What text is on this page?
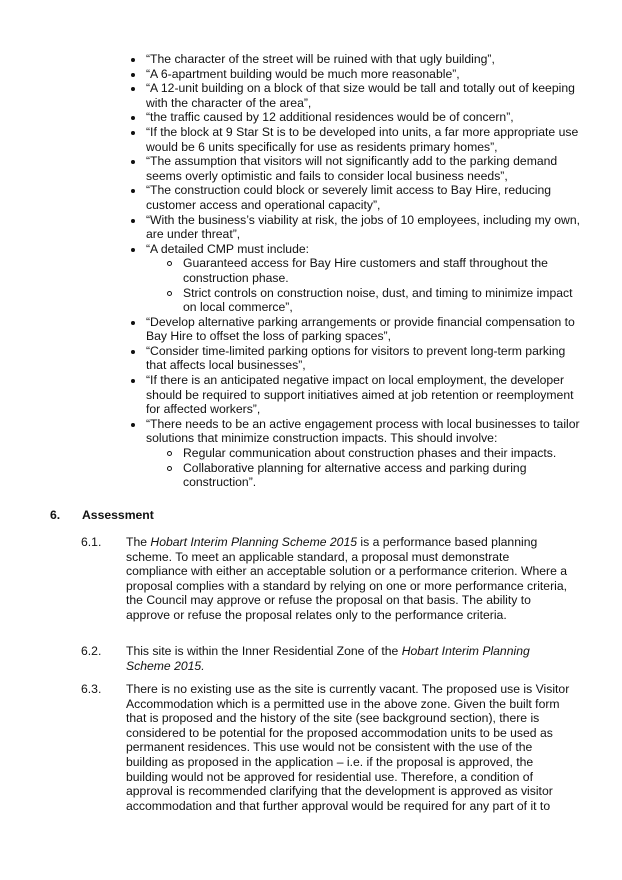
“The character of the street will be ruined with that ugly building”,
“A 6-apartment building would be much more reasonable”,
“A 12-unit building on a block of that size would be tall and totally out of keeping with the character of the area”,
“the traffic caused by 12 additional residences would be of concern”,
“If the block at 9 Star St is to be developed into units, a far more appropriate use would be 6 units specifically for use as residents primary homes”,
“The assumption that visitors will not significantly add to the parking demand seems overly optimistic and fails to consider local business needs”,
“The construction could block or severely limit access to Bay Hire, reducing customer access and operational capacity”,
“With the business’s viability at risk, the jobs of 10 employees, including my own, are under threat”,
“A detailed CMP must include:
Guaranteed access for Bay Hire customers and staff throughout the construction phase.
Strict controls on construction noise, dust, and timing to minimize impact on local commerce”,
“Develop alternative parking arrangements or provide financial compensation to Bay Hire to offset the loss of parking spaces”,
“Consider time-limited parking options for visitors to prevent long-term parking that affects local businesses”,
“If there is an anticipated negative impact on local employment, the developer should be required to support initiatives aimed at job retention or reemployment for affected workers”,
“There needs to be an active engagement process with local businesses to tailor solutions that minimize construction impacts. This should involve:
Regular communication about construction phases and their impacts.
Collaborative planning for alternative access and parking during construction”.
6. Assessment
6.1. The Hobart Interim Planning Scheme 2015 is a performance based planning scheme. To meet an applicable standard, a proposal must demonstrate compliance with either an acceptable solution or a performance criterion. Where a proposal complies with a standard by relying on one or more performance criteria, the Council may approve or refuse the proposal on that basis. The ability to approve or refuse the proposal relates only to the performance criteria.
6.2. This site is within the Inner Residential Zone of the Hobart Interim Planning Scheme 2015.
6.3. There is no existing use as the site is currently vacant. The proposed use is Visitor Accommodation which is a permitted use in the above zone. Given the built form that is proposed and the history of the site (see background section), there is considered to be potential for the proposed accommodation units to be used as permanent residences. This use would not be consistent with the use of the building as proposed in the application – i.e. if the proposal is approved, the building would not be approved for residential use. Therefore, a condition of approval is recommended clarifying that the development is approved as visitor accommodation and that further approval would be required for any part of it to
